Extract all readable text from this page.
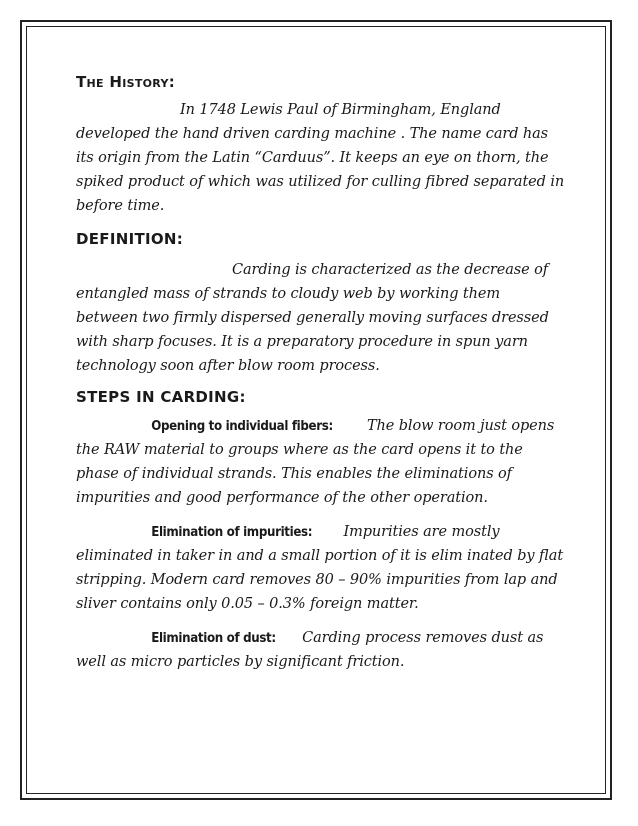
The History:

In 1748 Lewis Paul of Birmingham, England developed the hand driven carding machine . The name card has its origin from the Latin “Carduus”. It keeps an eye on thorn, the spiked product of which was utilized for culling fibred separated in before time.

DEFINITION:

Carding is characterized as the decrease of entangled mass of strands to cloudy web by working them between two firmly dispersed generally moving surfaces dressed with sharp focuses. It is a preparatory procedure in spun yarn technology soon after blow room process.

STEPS IN CARDING:

Opening to individual fibers: The blow room just opens the RAW material to groups where as the card opens it to the phase of individual strands. This enables the eliminations of impurities and good performance of the other operation.

Elimination of impurities: Impurities are mostly eliminated in taker in and a small portion of it is elim inated by flat stripping. Modern card removes 80 – 90% impurities from lap and sliver contains only 0.05 – 0.3% foreign matter.

Elimination of dust: Carding process removes dust as well as micro particles by significant friction.
